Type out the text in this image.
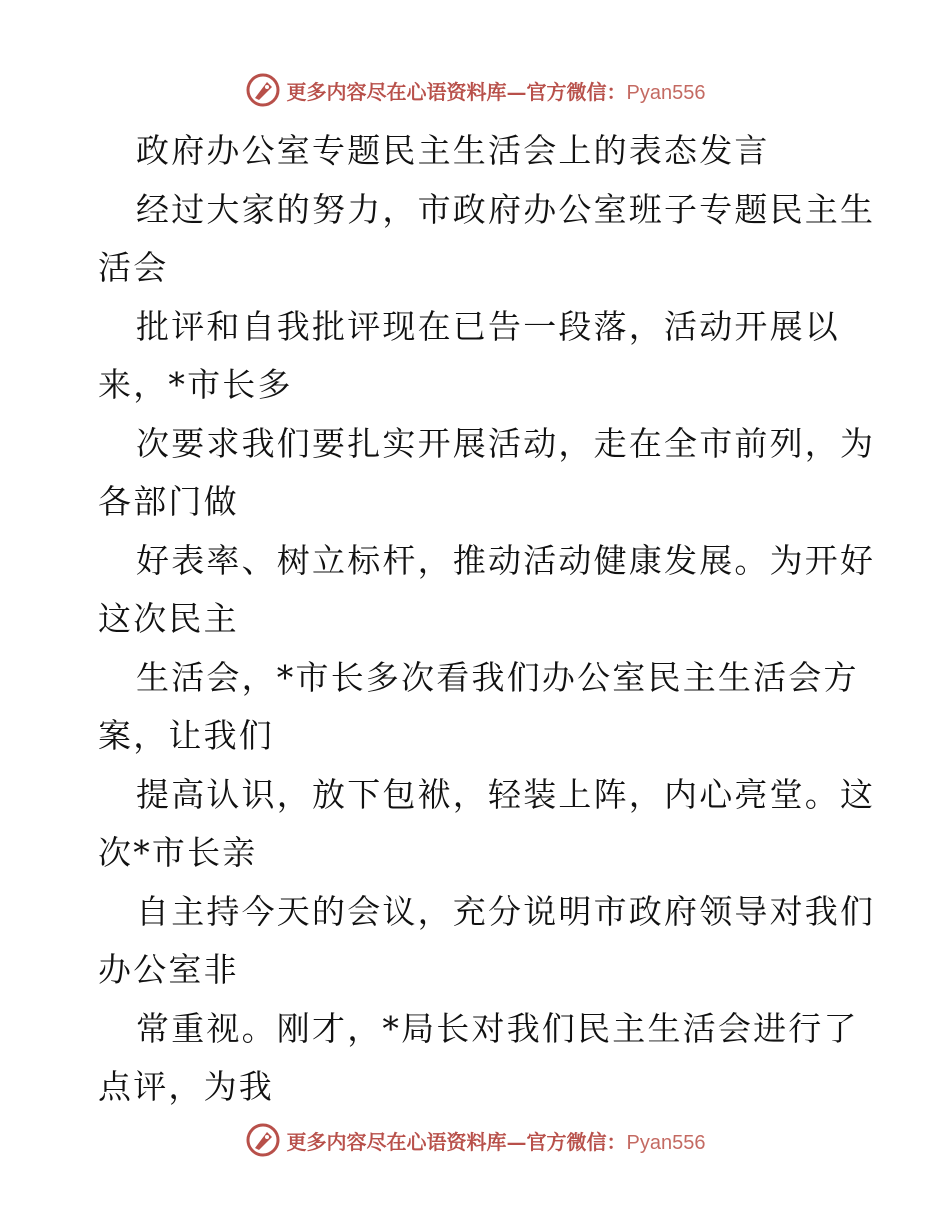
更多内容尽在心语资料库—官方微信：Pyan556
政府办公室专题民主生活会上的表态发言
经过大家的努力，市政府办公室班子专题民主生
活会
批评和自我批评现在已告一段落，活动开展以
来，*市长多
次要求我们要扎实开展活动，走在全市前列，为
各部门做
好表率、树立标杆，推动活动健康发展。为开好
这次民主
生活会，*市长多次看我们办公室民主生活会方
案，让我们
提高认识，放下包袱，轻装上阵，内心亮堂。这
次*市长亲
自主持今天的会议，充分说明市政府领导对我们
办公室非
常重视。刚才，*局长对我们民主生活会进行了
点评，为我
更多内容尽在心语资料库—官方微信：Pyan556
